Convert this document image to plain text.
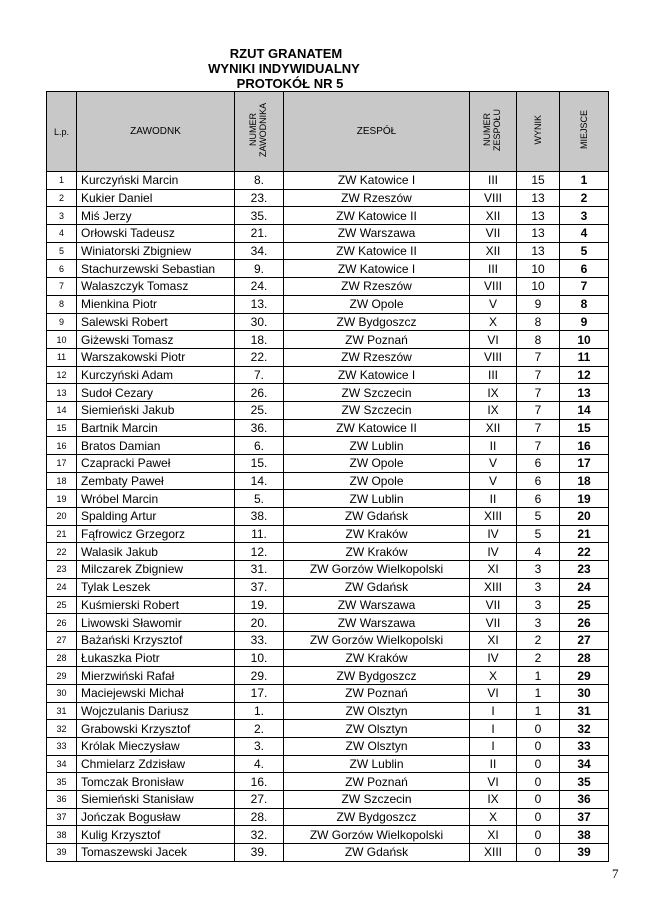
RZUT GRANATEM
WYNIKI INDYWIDUALNY
PROTOKÓŁ NR 5
L.p.	ZAWODNK	NUMER ZAWODNIKA	ZESPÓŁ	NUMER ZESPOŁU	WYNIK	MIEJSCE
1	Kurczyński Marcin	8.	ZW Katowice I	III	15	1
2	Kukier Daniel	23.	ZW Rzeszów	VIII	13	2
3	Miś Jerzy	35.	ZW Katowice II	XII	13	3
4	Orłowski Tadeusz	21.	ZW Warszawa	VII	13	4
5	Winiatorski Zbigniew	34.	ZW Katowice II	XII	13	5
6	Stachurzewski Sebastian	9.	ZW Katowice I	III	10	6
7	Walaszczyk Tomasz	24.	ZW Rzeszów	VIII	10	7
8	Mienkina Piotr	13.	ZW Opole	V	9	8
9	Salewski Robert	30.	ZW Bydgoszcz	X	8	9
10	Giżewski Tomasz	18.	ZW Poznań	VI	8	10
11	Warszakowski Piotr	22.	ZW Rzeszów	VIII	7	11
12	Kurczyński Adam	7.	ZW Katowice I	III	7	12
13	Sudoł Cezary	26.	ZW Szczecin	IX	7	13
14	Siemieński Jakub	25.	ZW Szczecin	IX	7	14
15	Bartnik Marcin	36.	ZW Katowice II	XII	7	15
16	Bratos Damian	6.	ZW Lublin	II	7	16
17	Czapracki Paweł	15.	ZW Opole	V	6	17
18	Zembaty Paweł	14.	ZW Opole	V	6	18
19	Wróbel Marcin	5.	ZW Lublin	II	6	19
20	Spalding Artur	38.	ZW Gdańsk	XIII	5	20
21	Fąfrowicz Grzegorz	11.	ZW Kraków	IV	5	21
22	Walasik Jakub	12.	ZW Kraków	IV	4	22
23	Milczarek Zbigniew	31.	ZW Gorzów Wielkopolski	XI	3	23
24	Tylak Leszek	37.	ZW Gdańsk	XIII	3	24
25	Kuśmierski Robert	19.	ZW Warszawa	VII	3	25
26	Liwowski Sławomir	20.	ZW Warszawa	VII	3	26
27	Bażański Krzysztof	33.	ZW Gorzów Wielkopolski	XI	2	27
28	Łukaszka Piotr	10.	ZW Kraków	IV	2	28
29	Mierzwiński Rafał	29.	ZW Bydgoszcz	X	1	29
30	Maciejewski Michał	17.	ZW Poznań	VI	1	30
31	Wojczulanis Dariusz	1.	ZW Olsztyn	I	1	31
32	Grabowski Krzysztof	2.	ZW Olsztyn	I	0	32
33	Królak Mieczysław	3.	ZW Olsztyn	I	0	33
34	Chmielarz Zdzisław	4.	ZW Lublin	II	0	34
35	Tomczak Bronisław	16.	ZW Poznań	VI	0	35
36	Siemieński Stanisław	27.	ZW Szczecin	IX	0	36
37	Jończak Bogusław	28.	ZW Bydgoszcz	X	0	37
38	Kulig Krzysztof	32.	ZW Gorzów Wielkopolski	XI	0	38
39	Tomaszewski Jacek	39.	ZW Gdańsk	XIII	0	39
7
